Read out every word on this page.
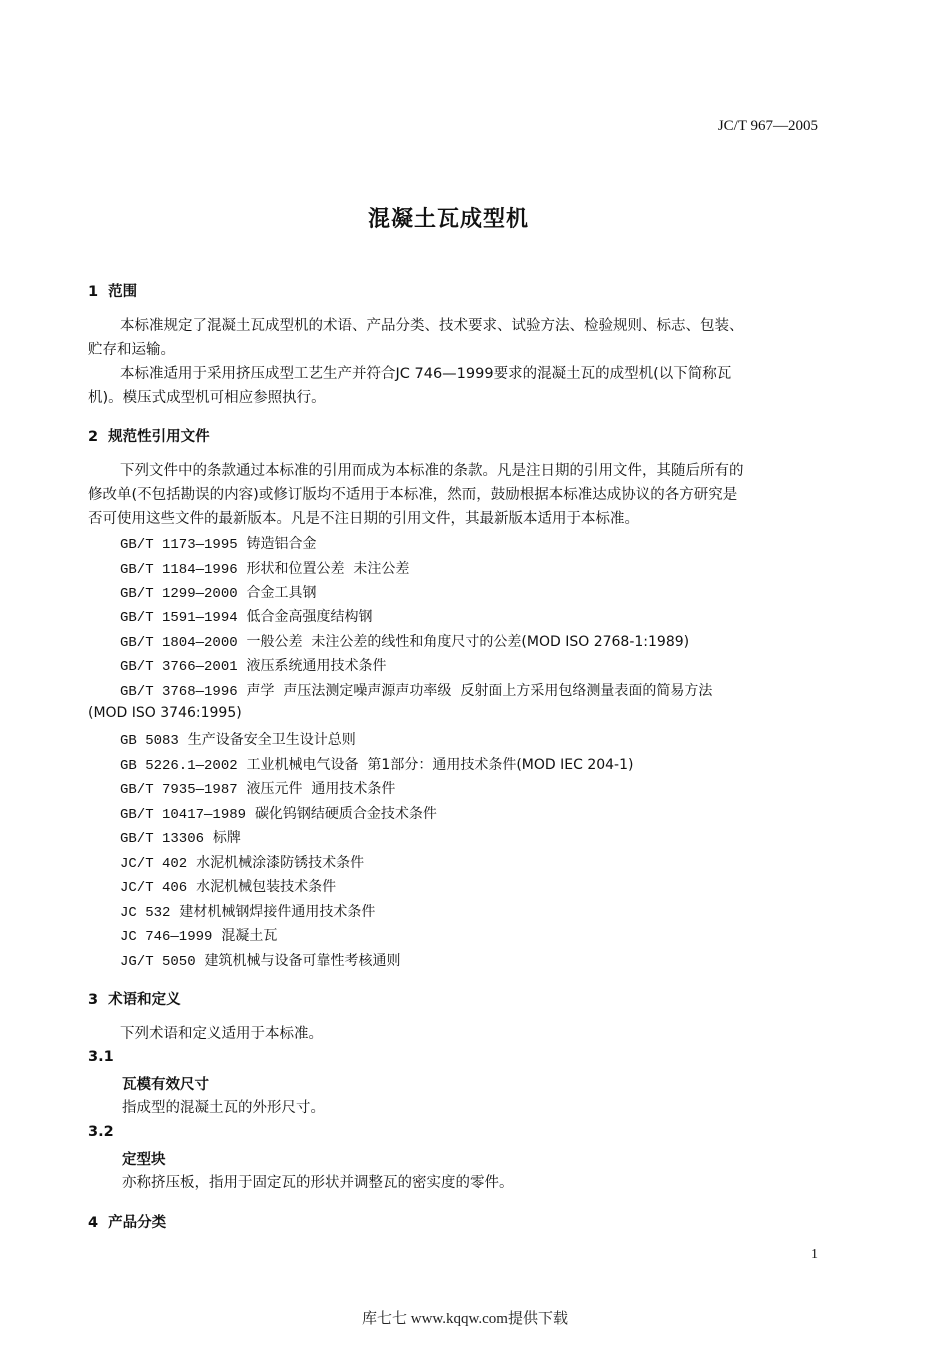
JC/T 967—2005
混凝土瓦成型机
1  范围
本标准规定了混凝土瓦成型机的术语、产品分类、技术要求、试验方法、检验规则、标志、包装、
贮存和运输。
本标准适用于采用挤压成型工艺生产并符合JC 746—1999要求的混凝土瓦的成型机(以下简称瓦
机)。模压式成型机可相应参照执行。
2  规范性引用文件
下列文件中的条款通过本标准的引用而成为本标准的条款。凡是注日期的引用文件，其随后所有的
修改单(不包括勘误的内容)或修订版均不适用于本标准，然而，鼓励根据本标准达成协议的各方研究是
否可使用这些文件的最新版本。凡是不注日期的引用文件，其最新版本适用于本标准。
GB/T 1173—1995 铸造铝合金
GB/T 1184—1996 形状和位置公差  未注公差
GB/T 1299—2000 合金工具钢
GB/T 1591—1994 低合金高强度结构钢
GB/T 1804—2000 一般公差  未注公差的线性和角度尺寸的公差(MOD ISO 2768-1:1989)
GB/T 3766—2001 液压系统通用技术条件
GB/T 3768—1996 声学  声压法测定噪声源声功率级  反射面上方采用包络测量表面的简易方法
(MOD ISO 3746:1995)
GB 5083 生产设备安全卫生设计总则
GB 5226.1—2002 工业机械电气设备  第1部分：通用技术条件(MOD IEC 204-1)
GB/T 7935—1987 液压元件  通用技术条件
GB/T 10417—1989 碳化钨钢结硬质合金技术条件
GB/T 13306 标牌
JC/T 402 水泥机械涂漆防锈技术条件
JC/T 406 水泥机械包装技术条件
JC 532 建材机械钢焊接件通用技术条件
JC 746—1999 混凝土瓦
JG/T 5050 建筑机械与设备可靠性考核通则
3  术语和定义
下列术语和定义适用于本标准。
3.1
瓦模有效尺寸
指成型的混凝土瓦的外形尺寸。
3.2
定型块
亦称挤压板，指用于固定瓦的形状并调整瓦的密实度的零件。
4  产品分类
1
库七七 www.kqqw.com提供下载
